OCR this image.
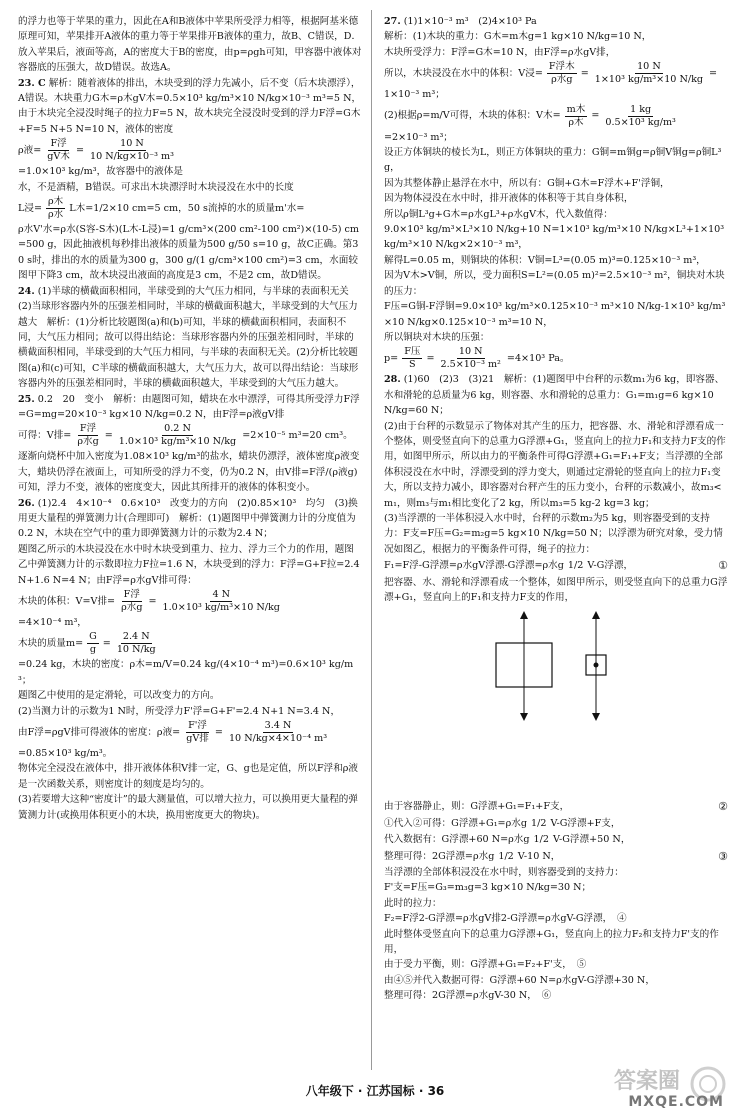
的浮力也等于苹果的重力，因此在A和B液体中苹果所受浮力相等，根据阿基米德原理可知，苹果排开A液体的重力等于苹果排开B液体的重力，故B、C错误，D．放入苹果后，液面等高，A的密度大于B的密度，由p=ρgh可知，甲容器中液体对容器底的压强大，故D错误。故选A。

23. C 解析：随着液体的排出，木块受到的浮力先减小，后不变（后木块漂浮），A错误。木块重力G木=ρ木gV木=0.5×10³ kg/m³×10 N/kg×10⁻³ m³=5 N，由于木块完全浸没时绳子的拉力F=5 N，故木块完全浸没时受到的浮力F浮=G木+F=5 N+5 N=10 N，液体的密度

ρ液= $\frac{\text{F浮}}{\text{gV木}} = \frac{10 N}{\text{10 N/kg×10⁻³ m³}}$

=1.0×10³ kg/m³，故容器中的液体是

水，不是酒精，B错误。可求出木块漂浮时木块浸没在水中的长度

L浸= $\frac{\text{ρ木}}{\text{ρ水}}$ L木=1/2×10 cm=5 cm，50 s流掉的水的质量m'水=

ρ水V'水=ρ水(S容-S木)(L木-L浸)=1 g/cm³×(200 cm²-100 cm²)×(10-5) cm=500 g，因此抽液机每秒排出液体的质量为500 g/50 s=10 g，故C正确。第30 s时，排出的水的质量为300 g，300 g/(1 g/cm³×100 cm²)=3 cm，水面较图甲下降3 cm，故木块浸出液面的高度是3 cm，不是2 cm，故D错误。

24. (1)半球的横截面积相同，半球受到的大气压力相同，与半球的表面积无关　(2)当球形容器内外的压强差相同时，半球的横截面积越大，半球受到的大气压力越大　解析：(1)分析比较题图(a)和(b)可知，半球的横截面积相同，表面积不同，大气压力相同；故可以得出结论：当球形容器内外的压强差相同时，半球的横截面积相同，半球受到的大气压力相同，与半球的表面积无关。(2)分析比较题图(a)和(c)可知，C半球的横截面积越大，大气压力大，故可以得出结论：当球形容器内外的压强差相同时，半球的横截面积越大，半球受到的大气压力越大。

25. 0.2　20　变小　解析：由题图可知，蜡块在水中漂浮，可得其所受浮力F浮=G=mg=20×10⁻³ kg×10 N/kg=0.2 N，由F浮=ρ液gV排

可得：V排= $\frac{\text{F浮}}{\text{ρ水g}} = \frac{0.2 N}{\text{1.0×10³ kg/m³×10 N/kg}} =2\times 10^{-5}$ m³=20 cm³。

逐渐向烧杯中加入密度为1.08×10³ kg/m³的盐水，蜡块仍漂浮，液体密度ρ液变大，蜡块仍浮在液面上，可知所受的浮力不变，仍为0.2 N，由V排=F浮/(ρ液g)可知，浮力不变，液体的密度变大，因此其所排开的液体的体积变小。

26. (1)2.4　4×10⁻⁴　0.6×10³　改变力的方向　(2)0.85×10³　均匀　(3)换用更大量程的弹簧测力计(合理即可)　解析：(1)题图甲中弹簧测力计的分度值为0.2 N，木块在空气中的重力即弹簧测力计的示数为2.4 N；

题图乙所示的木块浸没在水中时木块受到重力、拉力、浮力三个力的作用，题图乙中弹簧测力计的示数即拉力F拉=1.6 N，木块受到的浮力：F浮=G+F拉=2.4 N+1.6 N=4 N；由F浮=ρ水gV排可得：

木块的体积：V=V排= $\frac{\text{F浮}}{\text{ρ水g}} = \frac{4 N}{\text{1.0×10³ kg/m³×10 N/kg}}$

=4×10⁻⁴ m³，

木块的质量$m= \frac{G}{g} = \frac{2.4 N}{10 N/kg}$

=0.24 kg，木块的密度：ρ木=m/V=0.24 kg/(4×10⁻⁴ m³)=0.6×10³ kg/m³；

题图乙中使用的是定滑轮，可以改变力的方向。

(2)当测力计的示数为1 N时，所受浮力F'浮=G+F'=2.4 N+1 N=3.4 N，

由F浮=ρgV排可得液体的密度：ρ液= $\frac{\text{F'浮}}{\text{gV排}} = \frac{3.4 N}{\text{10 N/kg×4×10⁻⁴ m³}}$

=0.85×10³ kg/m³。

物体完全浸没在液体中，排开液体体积V排一定，G、g也是定值，所以F浮和ρ液是一次函数关系，则密度计的刻度是均匀的。

(3)若要增大这种“密度计”的最大测量值，可以增大拉力，可以换用更大量程的弹簧测力计(或换用体积更小的木块，换用密度更大的物块)。

27. (1)1×10⁻³ m³　(2)4×10³ Pa

解析：(1)木块的重力：G木=m木g=1 kg×10 N/kg=10 N，

木块所受浮力：F浮=G木=10 N，由F浮=ρ水gV排，

所以，木块浸没在水中的体积：V浸= $\frac{\text{F浮木}}{\text{ρ水g}} = \frac{10 N}{\text{1×10³ kg/m³×10 N/kg}}$ =

1×10⁻³ m³；

(2)根据ρ=m/V可得，木块的体积：V木= $\frac{\text{m木}}{\text{ρ木}} = \frac{1 kg}{\text{0.5×10³ kg/m³}}$

=2×10⁻³ m³；

设正方体铜块的棱长为L，则正方体铜块的重力：G铜=m铜g=ρ铜V铜g=ρ铜L³g，

因为其整体静止悬浮在水中，所以有：G铜+G木=F浮木+F'浮铜，

因为物体浸没在水中时，排开液体的体积等于其自身体积，

所以ρ铜L³g+G木=ρ水gL³+ρ水gV木，代入数值得：

9.0×10³ kg/m³×L³×10 N/kg+10 N=1×10³ kg/m³×10 N/kg×L³+1×10³ kg/m³×10 N/kg×2×10⁻³ m³，

解得L=0.05 m，则铜块的体积：V铜=L³=(0.05 m)³=0.125×10⁻³ m³，

因为V木>V铜，所以，受力面积S=L²=(0.05 m)²=2.5×10⁻³ m²，铜块对木块的压力：

F压=G铜-F浮铜=9.0×10³ kg/m³×0.125×10⁻³ m³×10 N/kg-1×10³ kg/m³×10 N/kg×0.125×10⁻³ m³=10 N，

所以铜块对木块的压强：

$p= \frac{\text{F压}}{S} = \frac{10 N}{\text{2.5×10⁻³ m²}} =4\times 10^3$ Pa。

28. (1)60　(2)3　(3)21　解析：(1)题图甲中台秤的示数m₁为6 kg，即容器、水和滑轮的总质量为6 kg，则容器、水和滑轮的总重力：G₁=m₁g=6 kg×10 N/kg=60 N；

(2)由于台秤的示数显示了物体对其产生的压力，把容器、水、滑轮和浮漂看成一个整体，则受竖直向下的总重力G浮漂+G₁，竖直向上的拉力F₁和支持力F支的作用，如图甲所示，所以由力的平衡条件可得G浮漂+G₁=F₁+F支；当浮漂的全部体积浸没在水中时，浮漂受到的浮力变大，则通过定滑轮的竖直向上的拉力F₁变大，所以支持力减小，即容器对台秤产生的压力变小，台秤的示数减小，故m₃<m₁，则m₃与m₁相比变化了2 kg，所以m₃=5 kg-2 kg=3 kg；

(3)当浮漂的一半体积浸入水中时，台秤的示数m₂为5 kg，则容器受到的支持力：F支=F压=G₂=m₂g=5 kg×10 N/kg=50 N；以浮漂为研究对象，受力情况如图乙，根据力的平衡条件可得，绳子的拉力：

F₁=F浮-G浮漂=ρ水gV浮漂-G浮漂=ρ水g 1/2 V-G浮漂，	①

把容器、水、滑轮和浮漂看成一个整体，如图甲所示，则受竖直向下的总重力G浮漂+G₁，竖直向上的F₁和支持力F支的作用，

由于容器静止，则：G浮漂+G₁=F₁+F支，	②
①代入②可得：G浮漂+G₁=ρ水g 1/2 V-G浮漂+F支，
代入数据有：G浮漂+60 N=ρ水g 1/2 V-G浮漂+50 N，
整理可得：2G浮漂=ρ水g 1/2 V-10 N，	③

当浮漂的全部体积浸没在水中时，则容器受到的支持力：

F'支=F压=G₃=m₃g=3 kg×10 N/kg=30 N；

此时的拉力：

F₂=F浮2-G浮漂=ρ水gV排2-G浮漂=ρ水gV-G浮漂，　④

此时整体受竖直向下的总重力G浮漂+G₁，竖直向上的拉力F₂和支持力F'支的作用，

由于受力平衡，则：G浮漂+G₁=F₂+F'支，　⑤

由④⑤并代入数据可得：G浮漂+60 N=ρ水gV-G浮漂+30 N，

整理可得：2G浮漂=ρ水gV-30 N，　⑥

八年级下 · 江苏国标 · 36	答案圈
MXQE.COM
